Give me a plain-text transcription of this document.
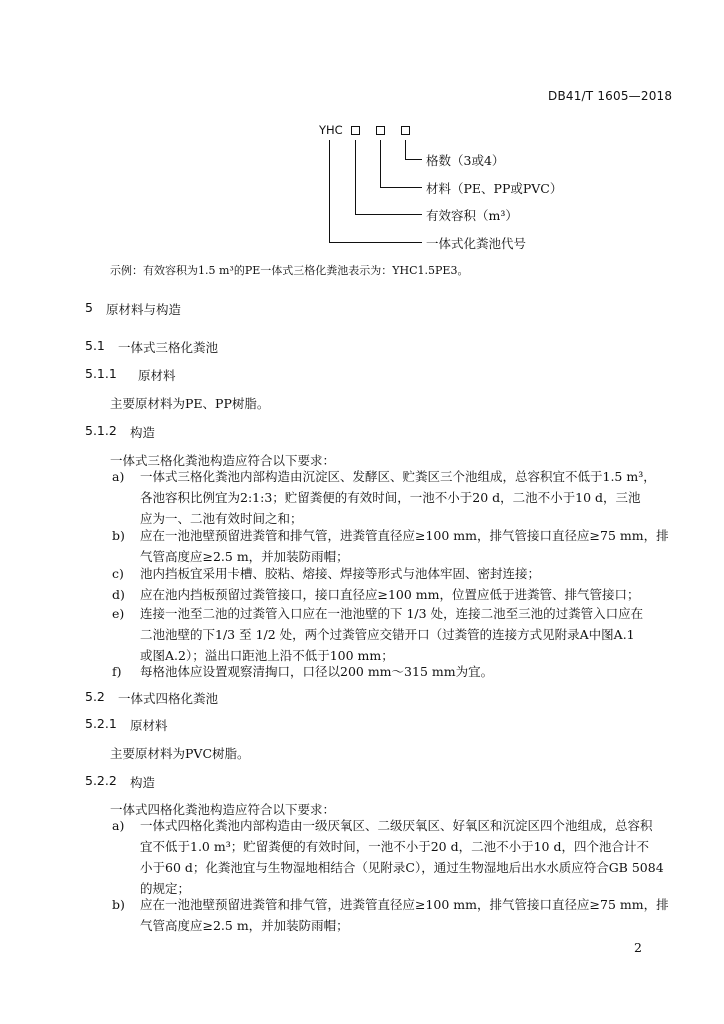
DB41/T 1605—2018
YHC
格数（3或4）
材料（PE、PP或PVC）
有效容积（m³）
一体式化粪池代号
示例：有效容积为1.5 m³的PE一体式三格化粪池表示为：YHC1.5PE3。
5 原材料与构造
5.1 一体式三格化粪池
5.1.1 原材料
主要原材料为PE、PP树脂。
5.1.2 构造
一体式三格化粪池构造应符合以下要求：
a) 一体式三格化粪池内部构造由沉淀区、发酵区、贮粪区三个池组成，总容积宜不低于1.5 m³，

各池容积比例宜为2:1:3；贮留粪便的有效时间，一池不小于20 d，二池不小于10 d，三池

应为一、二池有效时间之和；

b) 应在一池池壁预留进粪管和排气管，进粪管直径应≥100 mm，排气管接口直径应≥75 mm，排

气管高度应≥2.5 m，并加装防雨帽；

c) 池内挡板宜采用卡槽、胶粘、熔接、焊接等形式与池体牢固、密封连接；

d) 应在池内挡板预留过粪管接口，接口直径应≥100 mm，位置应低于进粪管、排气管接口；

e) 连接一池至二池的过粪管入口应在一池池壁的下 1/3 处，连接二池至三池的过粪管入口应在

二池池壁的下1/3 至 1/2 处，两个过粪管应交错开口（过粪管的连接方式见附录A中图A.1

或图A.2）；溢出口距池上沿不低于100 mm；

f) 每格池体应设置观察清掏口，口径以200 mm～315 mm为宜。

5.2 一体式四格化粪池
5.2.1 原材料
主要原材料为PVC树脂。
5.2.2 构造
一体式四格化粪池构造应符合以下要求：
a) 一体式四格化粪池内部构造由一级厌氧区、二级厌氧区、好氧区和沉淀区四个池组成，总容积

宜不低于1.0 m³；贮留粪便的有效时间，一池不小于20 d，二池不小于10 d，四个池合计不

小于60 d；化粪池宜与生物湿地相结合（见附录C），通过生物湿地后出水水质应符合GB 5084

的规定；

b) 应在一池池壁预留进粪管和排气管，进粪管直径应≥100 mm，排气管接口直径应≥75 mm，排

气管高度应≥2.5 m，并加装防雨帽；

2
